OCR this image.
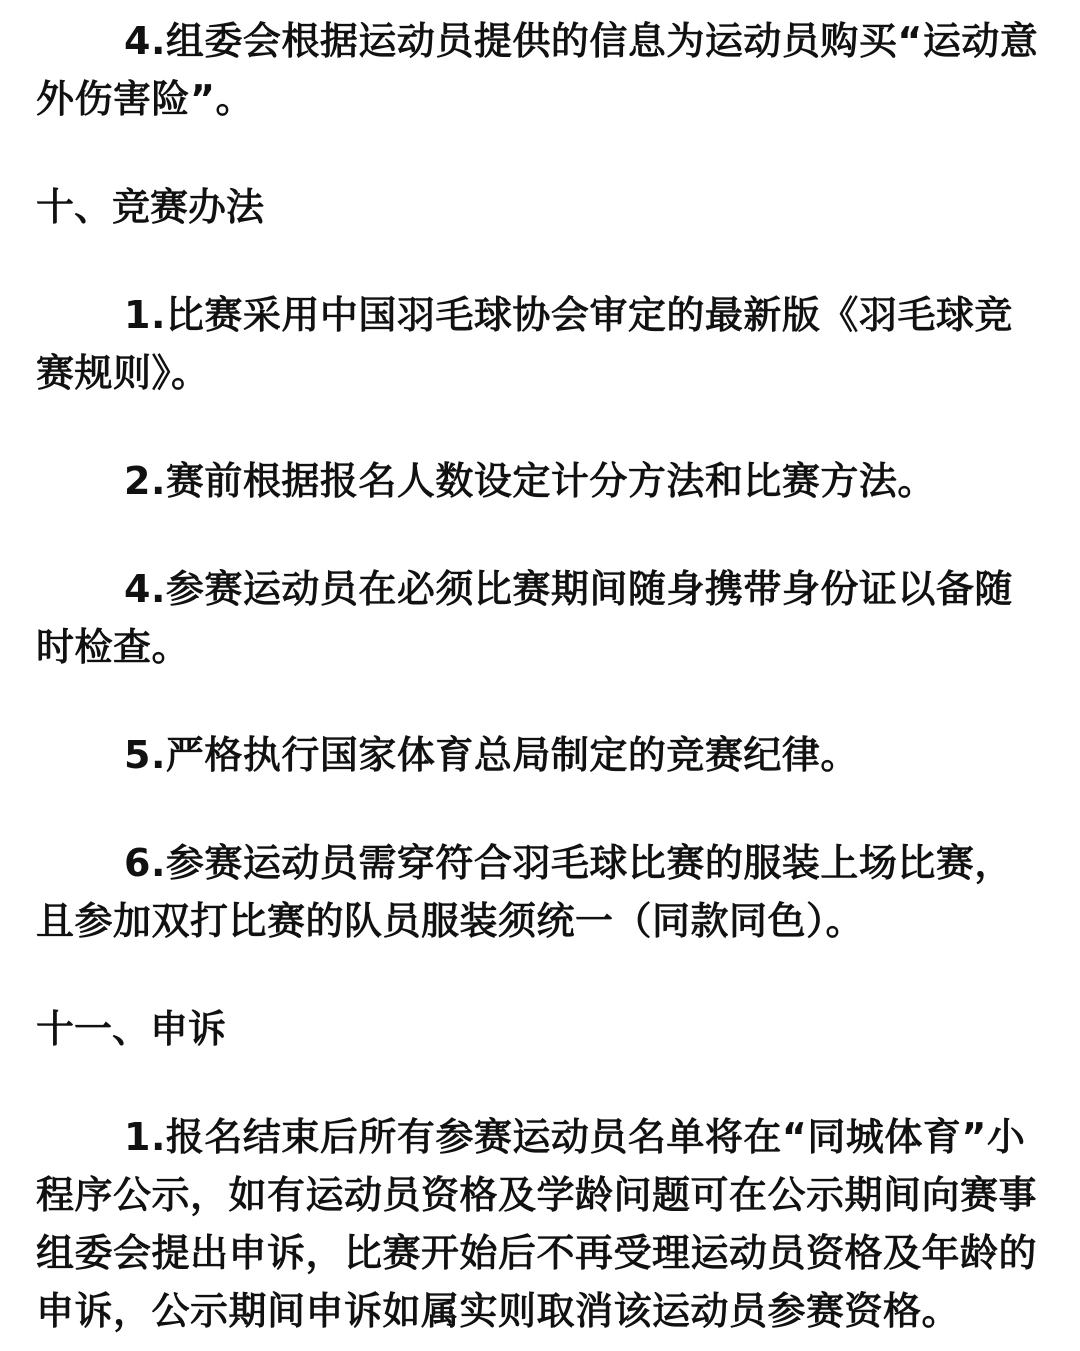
4.组委会根据运动员提供的信息为运动员购买“运动意外伤害险”。

十、竞赛办法

1.比赛采用中国羽毛球协会审定的最新版《羽毛球竞赛规则》。

2.赛前根据报名人数设定计分方法和比赛方法。

4.参赛运动员在必须比赛期间随身携带身份证以备随时检查。

5.严格执行国家体育总局制定的竞赛纪律。

6.参赛运动员需穿符合羽毛球比赛的服装上场比赛，且参加双打比赛的队员服装须统一（同款同色）。

十一、申诉

1.报名结束后所有参赛运动员名单将在“同城体育”小程序公示，如有运动员资格及学龄问题可在公示期间向赛事组委会提出申诉，比赛开始后不再受理运动员资格及年龄的申诉，公示期间申诉如属实则取消该运动员参赛资格。
